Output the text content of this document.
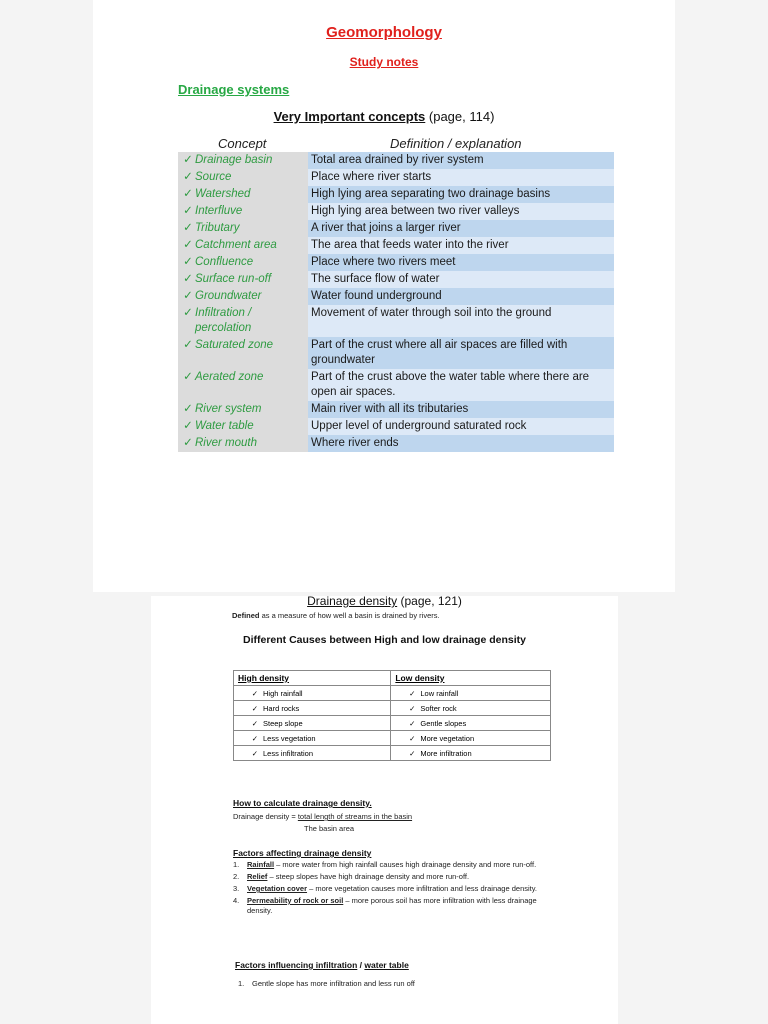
Geomorphology
Study notes
Drainage systems
Very Important concepts (page, 114)
Concept	Definition / explanation
✓ Drainage basin	Total area drained by river system
✓ Source	Place where river starts
✓ Watershed	High lying area separating two drainage basins
✓ Interfluve	High lying area between two river valleys
✓ Tributary	A river that joins a larger river
✓ Catchment area	The area that feeds water into the river
✓ Confluence	Place where two rivers meet
✓ Surface run-off	The surface flow of water
✓ Groundwater	Water found underground
✓ Infiltration / percolation	Movement of water through soil into the ground
✓ Saturated zone	Part of the crust where all air spaces are filled with groundwater
✓ Aerated zone	Part of the crust above the water table where there are open air spaces.
✓ River system	Main river with all its tributaries
✓ Water table	Upper level of underground saturated rock
✓ River mouth	Where river ends
Drainage density (page, 121)
Defined as a measure of how well a basin is drained by rivers.
Different Causes between High and low drainage density
High density	Low density
✓ High rainfall	✓ Low rainfall
✓ Hard rocks	✓ Softer rock
✓ Steep slope	✓ Gentle slopes
✓ Less vegetation	✓ More vegetation
✓ Less infiltration	✓ More infiltration
How to calculate drainage density.
Drainage density = total length of streams in the basin
The basin area
Factors affecting drainage density
1. Rainfall – more water from high rainfall causes high drainage density and more run-off.
2. Relief – steep slopes have high drainage density and more run-off.
3. Vegetation cover – more vegetation causes more infiltration and less drainage density.
4. Permeability of rock or soil – more porous soil has more infiltration with less drainage density.
Factors influencing infiltration / water table
1. Gentle slope has more infiltration and less run off
